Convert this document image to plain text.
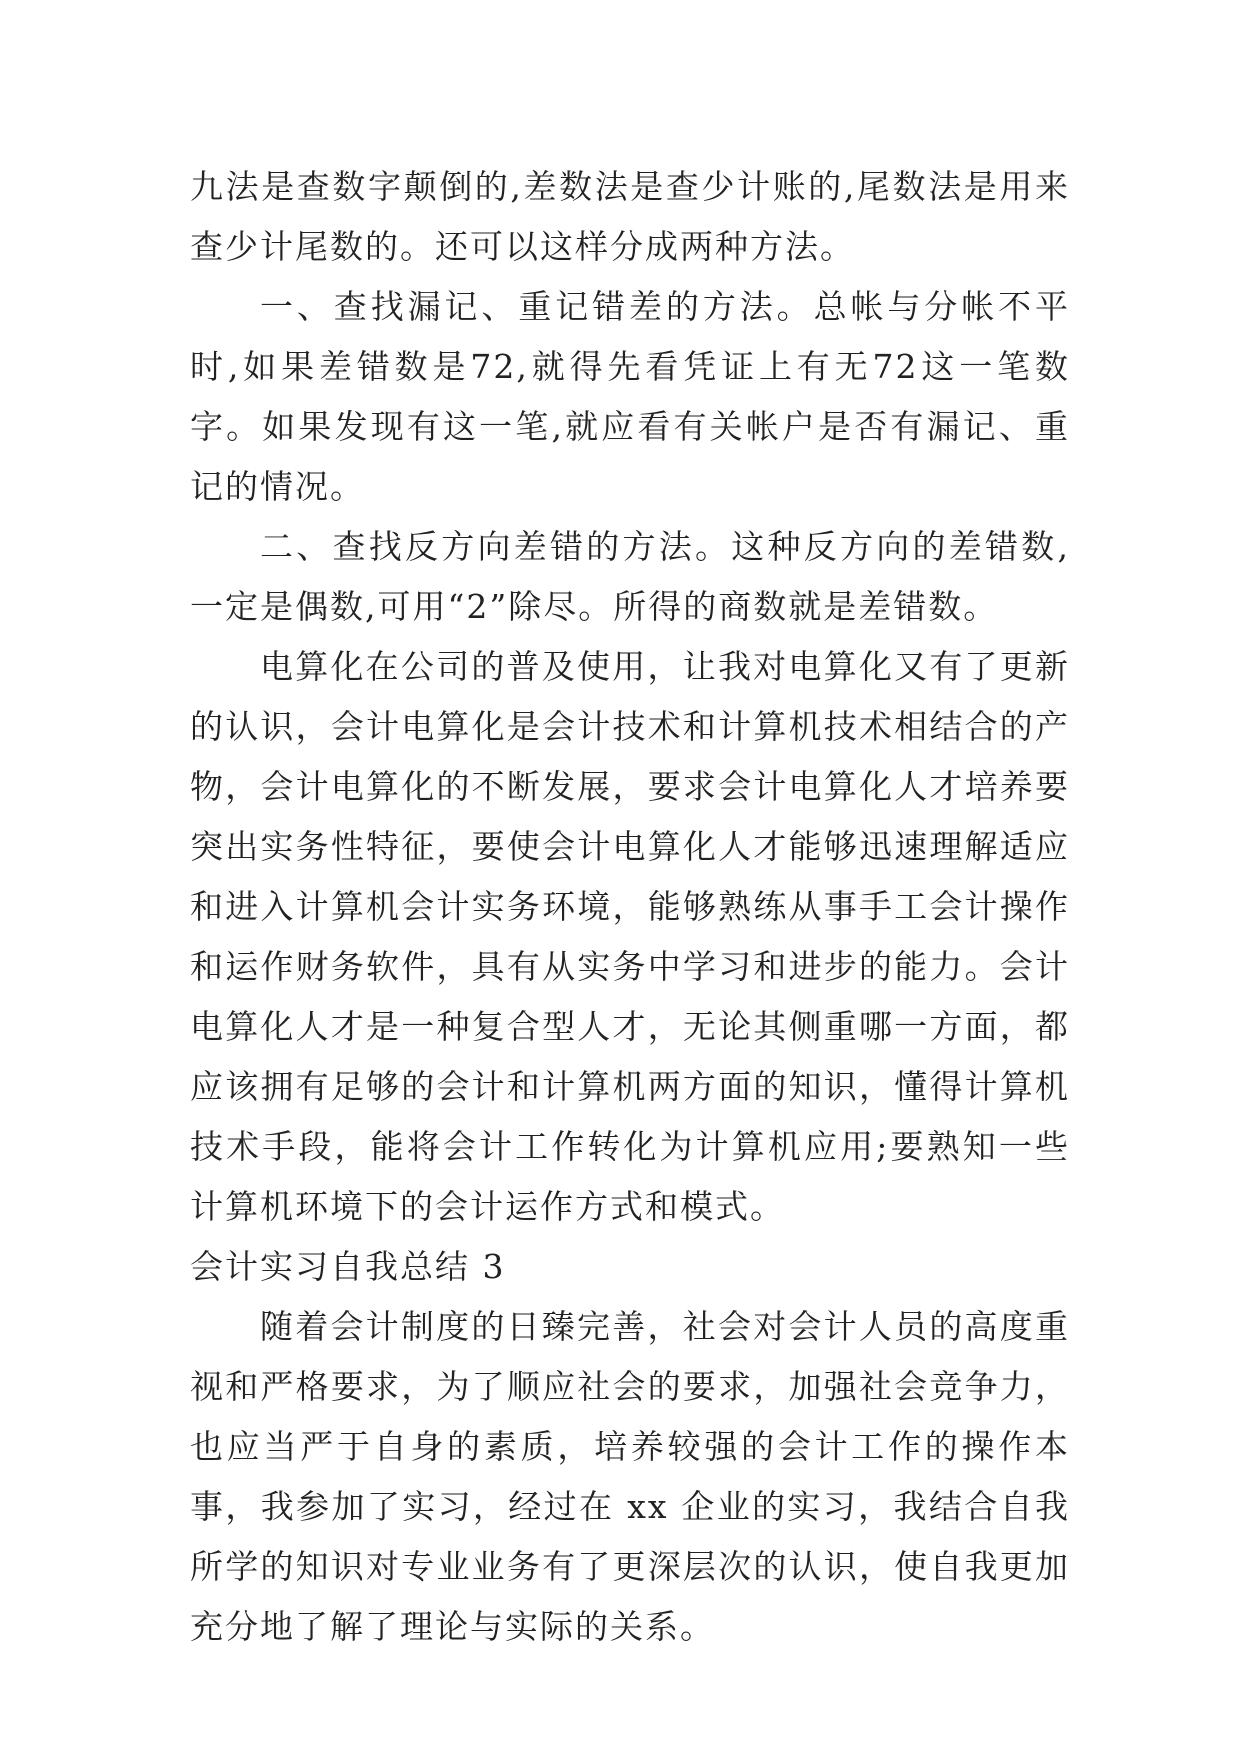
九法是查数字颠倒的,差数法是查少计账的,尾数法是用来查少计尾数的。还可以这样分成两种方法。

一、查找漏记、重记错差的方法。总帐与分帐不平时,如果差错数是72,就得先看凭证上有无72这一笔数字。如果发现有这一笔,就应看有关帐户是否有漏记、重记的情况。

二、查找反方向差错的方法。这种反方向的差错数,一定是偶数,可用“2”除尽。所得的商数就是差错数。

电算化在公司的普及使用，让我对电算化又有了更新的认识，会计电算化是会计技术和计算机技术相结合的产物，会计电算化的不断发展，要求会计电算化人才培养要突出实务性特征，要使会计电算化人才能够迅速理解适应和进入计算机会计实务环境，能够熟练从事手工会计操作和运作财务软件，具有从实务中学习和进步的能力。会计电算化人才是一种复合型人才，无论其侧重哪一方面，都应该拥有足够的会计和计算机两方面的知识，懂得计算机技术手段，能将会计工作转化为计算机应用;要熟知一些计算机环境下的会计运作方式和模式。

会计实习自我总结 3

随着会计制度的日臻完善，社会对会计人员的高度重视和严格要求，为了顺应社会的要求，加强社会竞争力，也应当严于自身的素质，培养较强的会计工作的操作本事，我参加了实习，经过在 xx 企业的实习，我结合自我所学的知识对专业业务有了更深层次的认识，使自我更加充分地了解了理论与实际的关系。
